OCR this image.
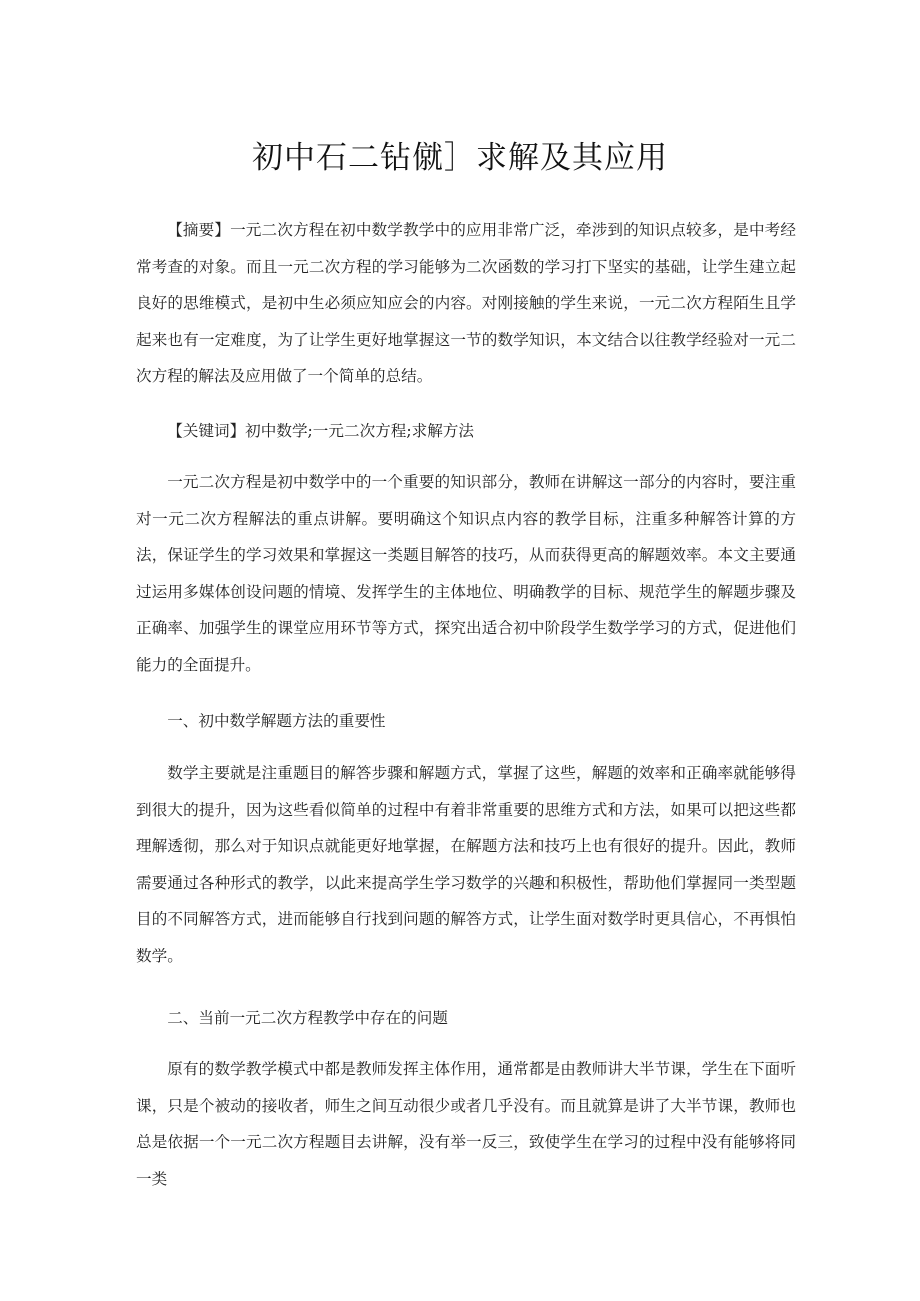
初中石二钻僦］求解及其应用

【摘要】一元二次方程在初中数学教学中的应用非常广泛，牵涉到的知识点较多，是中考经常考查的对象。而且一元二次方程的学习能够为二次函数的学习打下坚实的基础，让学生建立起良好的思维模式，是初中生必须应知应会的内容。对刚接触的学生来说，一元二次方程陌生且学起来也有一定难度，为了让学生更好地掌握这一节的数学知识，本文结合以往教学经验对一元二次方程的解法及应用做了一个简单的总结。

【关键词】初中数学;一元二次方程;求解方法

一元二次方程是初中数学中的一个重要的知识部分，教师在讲解这一部分的内容时，要注重对一元二次方程解法的重点讲解。要明确这个知识点内容的教学目标，注重多种解答计算的方法，保证学生的学习效果和掌握这一类题目解答的技巧，从而获得更高的解题效率。本文主要通过运用多媒体创设问题的情境、发挥学生的主体地位、明确教学的目标、规范学生的解题步骤及正确率、加强学生的课堂应用环节等方式，探究出适合初中阶段学生数学学习的方式，促进他们能力的全面提升。

一、初中数学解题方法的重要性

数学主要就是注重题目的解答步骤和解题方式，掌握了这些，解题的效率和正确率就能够得到很大的提升，因为这些看似简单的过程中有着非常重要的思维方式和方法，如果可以把这些都理解透彻，那么对于知识点就能更好地掌握，在解题方法和技巧上也有很好的提升。因此，教师需要通过各种形式的教学，以此来提高学生学习数学的兴趣和积极性，帮助他们掌握同一类型题目的不同解答方式，进而能够自行找到问题的解答方式，让学生面对数学时更具信心，不再惧怕数学。

二、当前一元二次方程教学中存在的问题

原有的数学教学模式中都是教师发挥主体作用，通常都是由教师讲大半节课，学生在下面听课，只是个被动的接收者，师生之间互动很少或者几乎没有。而且就算是讲了大半节课，教师也总是依据一个一元二次方程题目去讲解，没有举一反三，致使学生在学习的过程中没有能够将同一类
